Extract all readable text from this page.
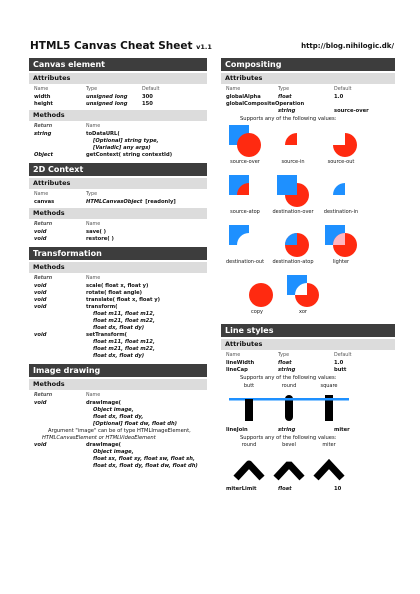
HTML5 Canvas Cheat Sheet v1.1	http://blog.nihilogic.dk/
Canvas element
Attributes
Name	Type	Default
width	unsigned long	300
height	unsigned long	150
Methods
Return	Name
string	toDataURL(
[Optional] string type,
[Variadic] any args)
Object	getContext( string contextId)
2D Context
Attributes
Name	Type
canvas	HTMLCanvasObject [readonly]
Methods
Return	Name
void	save( )
void	restore( )
Transformation
Methods
Return	Name
void	scale( float x, float y)
void	rotate( float angle)
void	translate( float x, float y)
void	transform(
float m11, float m12,
float m21, float m22,
float dx, float dy)
void	setTransform(
float m11, float m12,
float m21, float m22,
float dx, float dy)
Image drawing
Methods
Return	Name
void	drawImage(
Object image,
float dx, float dy,
[Optional] float dw, float dh)
Argument "image" can be of type HTMLImageElement,
HTMLCanvasElement or HTMLVideoElement
void	drawImage(
Object image,
float sx, float sy, float sw, float sh,
float dx, float dy, float dw, float dh)
Compositing
Attributes
Name	Type	Default
globalAlpha	float	1.0
globalCompositeOperation
string	source-over
Supports any of the following values:
source-over	source-in	source-out
source-atop	destination-over	destination-in
destination-out	destination-atop	lighter
copy	xor
Line styles
Attributes
Name	Type	Default
lineWidth	float	1.0
lineCap	string	butt
Supports any of the following values:
butt	round	square
lineJoin	string	miter
Supports any of the following values:
round	bevel	miter
miterLimit	float	10
